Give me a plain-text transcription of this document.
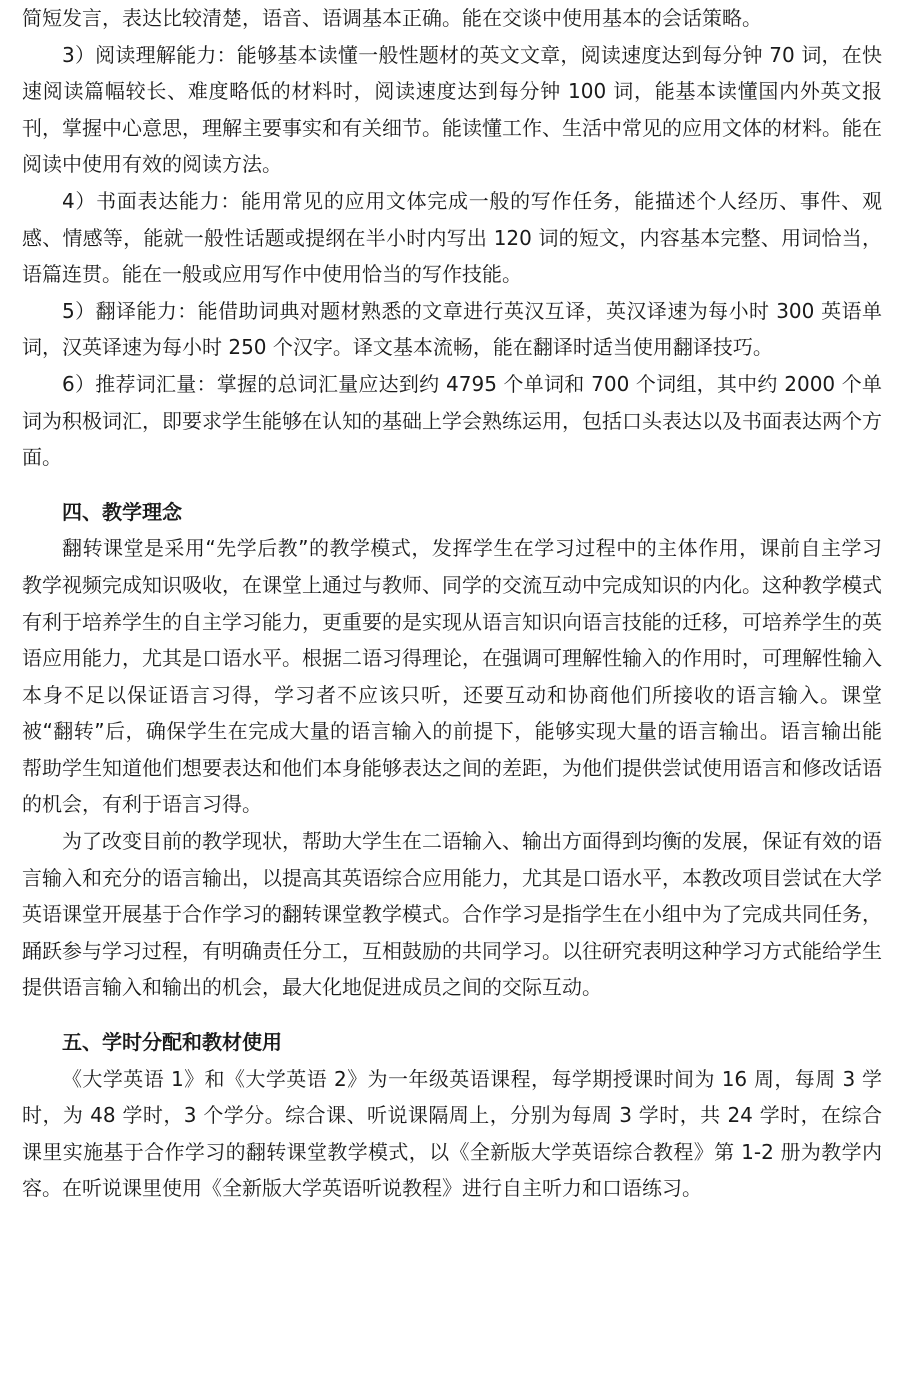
简短发言，表达比较清楚，语音、语调基本正确。能在交谈中使用基本的会话策略。

3）阅读理解能力：能够基本读懂一般性题材的英文文章，阅读速度达到每分钟 70 词，在快速阅读篇幅较长、难度略低的材料时，阅读速度达到每分钟 100 词，能基本读懂国内外英文报刊，掌握中心意思，理解主要事实和有关细节。能读懂工作、生活中常见的应用文体的材料。能在阅读中使用有效的阅读方法。

4）书面表达能力：能用常见的应用文体完成一般的写作任务，能描述个人经历、事件、观感、情感等，能就一般性话题或提纲在半小时内写出 120 词的短文，内容基本完整、用词恰当，语篇连贯。能在一般或应用写作中使用恰当的写作技能。

5）翻译能力：能借助词典对题材熟悉的文章进行英汉互译，英汉译速为每小时 300 英语单词，汉英译速为每小时 250 个汉字。译文基本流畅，能在翻译时适当使用翻译技巧。

6）推荐词汇量：掌握的总词汇量应达到约 4795 个单词和 700 个词组，其中约 2000 个单词为积极词汇，即要求学生能够在认知的基础上学会熟练运用，包括口头表达以及书面表达两个方面。

四、教学理念

翻转课堂是采用“先学后教”的教学模式，发挥学生在学习过程中的主体作用，课前自主学习教学视频完成知识吸收，在课堂上通过与教师、同学的交流互动中完成知识的内化。这种教学模式有利于培养学生的自主学习能力，更重要的是实现从语言知识向语言技能的迁移，可培养学生的英语应用能力，尤其是口语水平。根据二语习得理论，在强调可理解性输入的作用时，可理解性输入本身不足以保证语言习得，学习者不应该只听，还要互动和协商他们所接收的语言输入。课堂被“翻转”后，确保学生在完成大量的语言输入的前提下，能够实现大量的语言输出。语言输出能帮助学生知道他们想要表达和他们本身能够表达之间的差距，为他们提供尝试使用语言和修改话语的机会，有利于语言习得。

为了改变目前的教学现状，帮助大学生在二语输入、输出方面得到均衡的发展，保证有效的语言输入和充分的语言输出，以提高其英语综合应用能力，尤其是口语水平，本教改项目尝试在大学英语课堂开展基于合作学习的翻转课堂教学模式。合作学习是指学生在小组中为了完成共同任务，踊跃参与学习过程，有明确责任分工，互相鼓励的共同学习。以往研究表明这种学习方式能给学生提供语言输入和输出的机会，最大化地促进成员之间的交际互动。

五、学时分配和教材使用

《大学英语 1》和《大学英语 2》为一年级英语课程，每学期授课时间为 16 周，每周 3 学时，为 48 学时，3 个学分。综合课、听说课隔周上，分别为每周 3 学时，共 24 学时，在综合课里实施基于合作学习的翻转课堂教学模式，以《全新版大学英语综合教程》第 1-2 册为教学内容。在听说课里使用《全新版大学英语听说教程》进行自主听力和口语练习。
